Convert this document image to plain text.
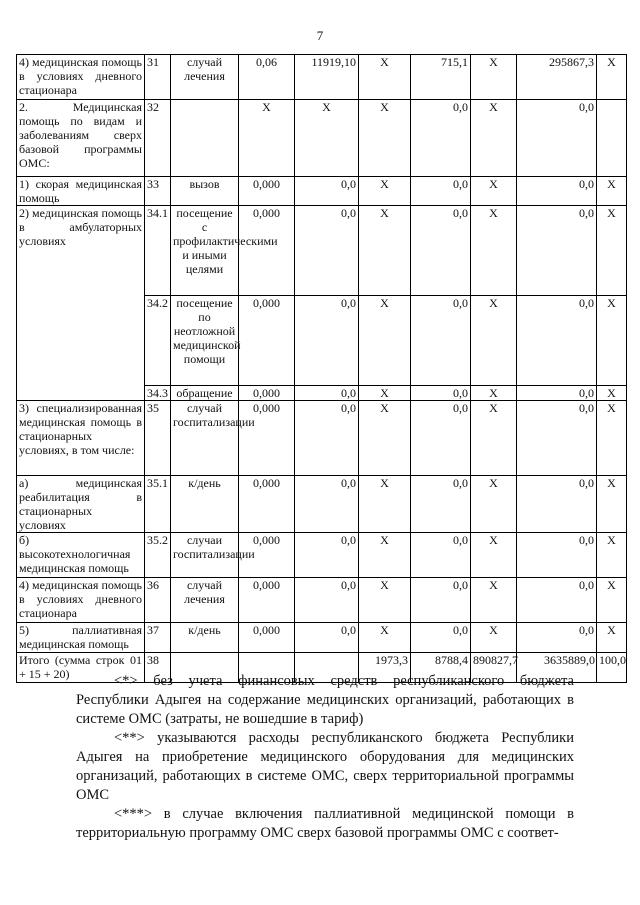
7
4) медицинская помощь в условиях дневного стационара	31	случай лечения	0,06	11919,10	X	715,1	X	295867,3	X
2. Медицинская помощь по видам и заболеваниям сверх базовой программы ОМС:	32		X	X	X	0,0	X	0,0	
1) скорая медицинская помощь	33	вызов	0,000	0,0	X	0,0	X	0,0	X
2) медицинская помощь в амбулаторных условиях	34.1	посещение с профилактическими и иными целями	0,000	0,0	X	0,0	X	0,0	X
	34.2	посещение по неотложной медицинской помощи	0,000	0,0	X	0,0	X	0,0	X
	34.3	обращение	0,000	0,0	X	0,0	X	0,0	X
3) специализированная медицинская помощь в стационарных условиях, в том числе:	35	случай госпитализации	0,000	0,0	X	0,0	X	0,0	X
а) медицинская реабилитация в стационарных условиях	35.1	к/день	0,000	0,0	X	0,0	X	0,0	X
б) высокотехнологичная медицинская помощь	35.2	случаи госпитализации	0,000	0,0	X	0,0	X	0,0	X
4) медицинская помощь в условиях дневного стационара	36	случай лечения	0,000	0,0	X	0,0	X	0,0	X
5) паллиативная медицинская помощь	37	к/день	0,000	0,0	X	0,0	X	0,0	X
Итого (сумма строк 01 + 15 + 20)	38				1973,3	8788,4	890827,7	3635889,0	100,0

<*> без учета финансовых средств республиканского бюджета Республики Адыгея на содержание медицинских организаций, работающих в системе ОМС (затраты, не вошедшие в тариф)

<**> указываются расходы республиканского бюджета Республики Адыгея на приобретение медицинского оборудования для медицинских организаций, работающих в системе ОМС, сверх территориальной программы ОМС

<***> в случае включения паллиативной медицинской помощи в территориальную программу ОМС сверх базовой программы ОМС с соответ-
